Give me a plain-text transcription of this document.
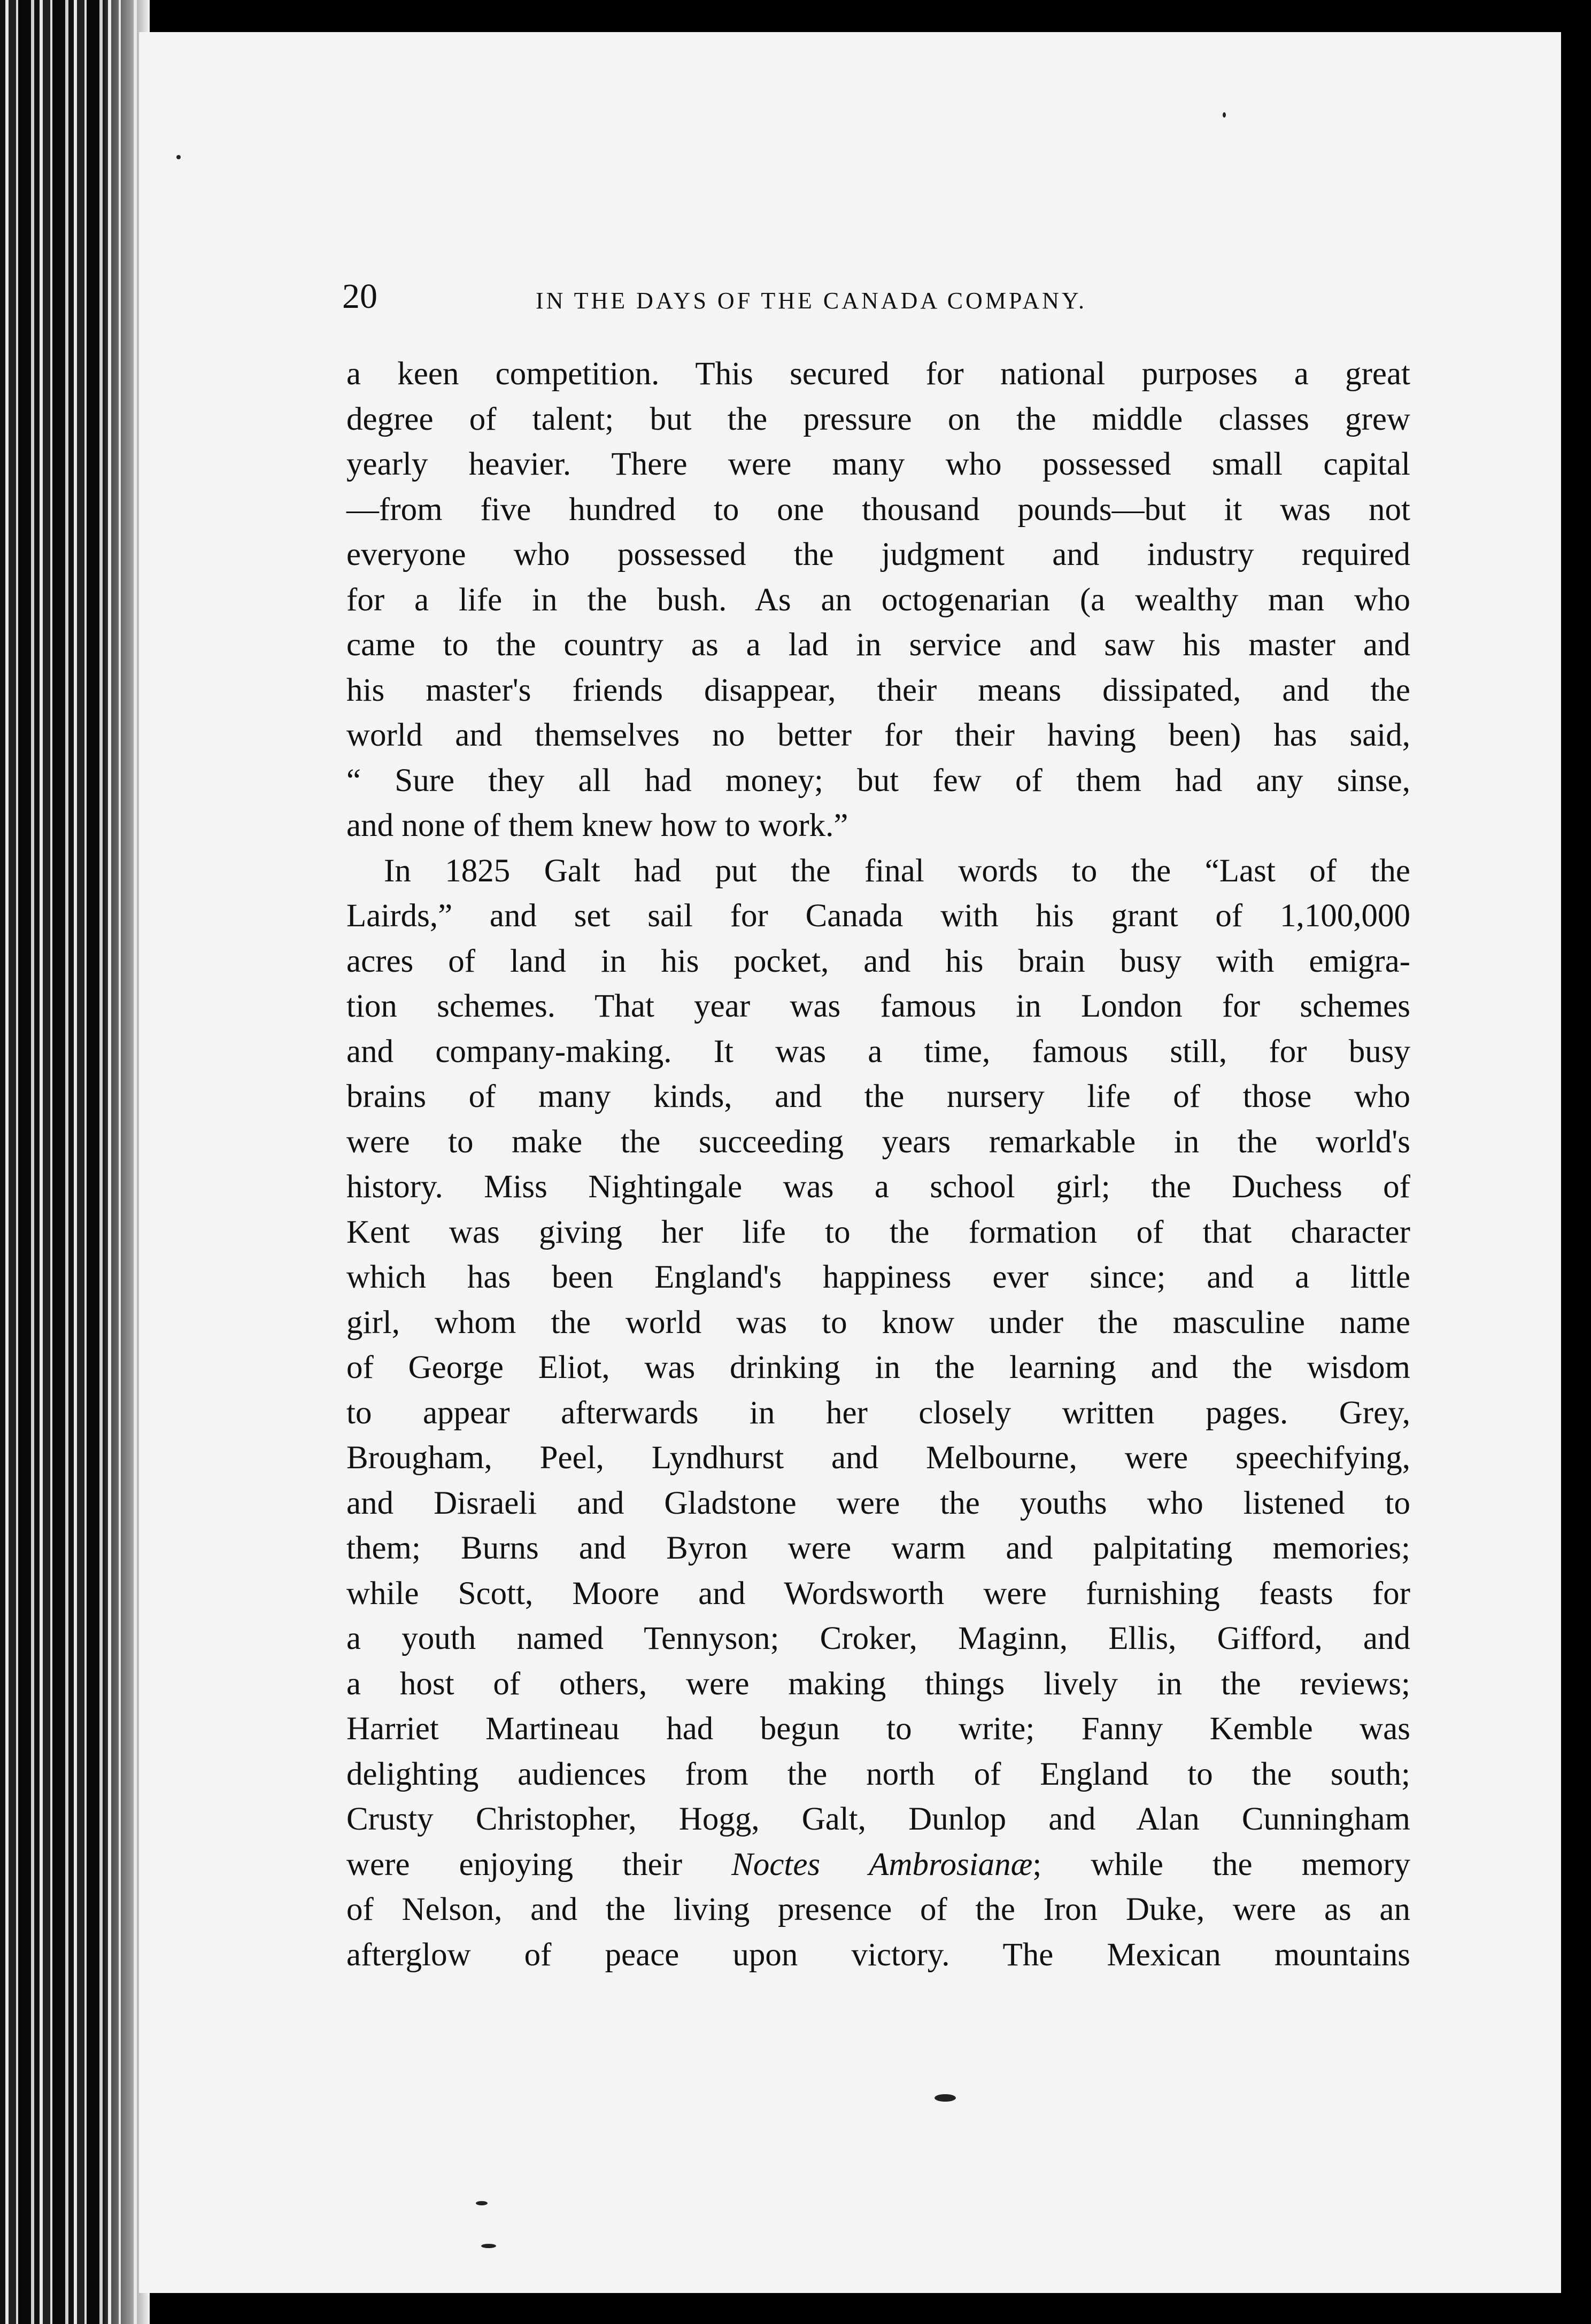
20	IN THE DAYS OF THE CANADA COMPANY.
a keen competition. This secured for national purposes a great
degree of talent; but the pressure on the middle classes grew
yearly heavier. There were many who possessed small capital
—from five hundred to one thousand pounds—but it was not
everyone who possessed the judgment and industry required
for a life in the bush. As an octogenarian (a wealthy man who
came to the country as a lad in service and saw his master and
his master's friends disappear, their means dissipated, and the
world and themselves no better for their having been) has said,
“ Sure they all had money; but few of them had any sinse,
and none of them knew how to work.”
In 1825 Galt had put the final words to the “Last of the
Lairds,” and set sail for Canada with his grant of 1,100,000
acres of land in his pocket, and his brain busy with emigra-
tion schemes. That year was famous in London for schemes
and company-making. It was a time, famous still, for busy
brains of many kinds, and the nursery life of those who
were to make the succeeding years remarkable in the world's
history. Miss Nightingale was a school girl; the Duchess of
Kent was giving her life to the formation of that character
which has been England's happiness ever since; and a little
girl, whom the world was to know under the masculine name
of George Eliot, was drinking in the learning and the wisdom
to appear afterwards in her closely written pages. Grey,
Brougham, Peel, Lyndhurst and Melbourne, were speechifying,
and Disraeli and Gladstone were the youths who listened to
them; Burns and Byron were warm and palpitating memories;
while Scott, Moore and Wordsworth were furnishing feasts for
a youth named Tennyson; Croker, Maginn, Ellis, Gifford, and
a host of others, were making things lively in the reviews;
Harriet Martineau had begun to write; Fanny Kemble was
delighting audiences from the north of England to the south;
Crusty Christopher, Hogg, Galt, Dunlop and Alan Cunningham
were enjoying their Noctes Ambrosianæ; while the memory
of Nelson, and the living presence of the Iron Duke, were as an
afterglow of peace upon victory. The Mexican mountains
